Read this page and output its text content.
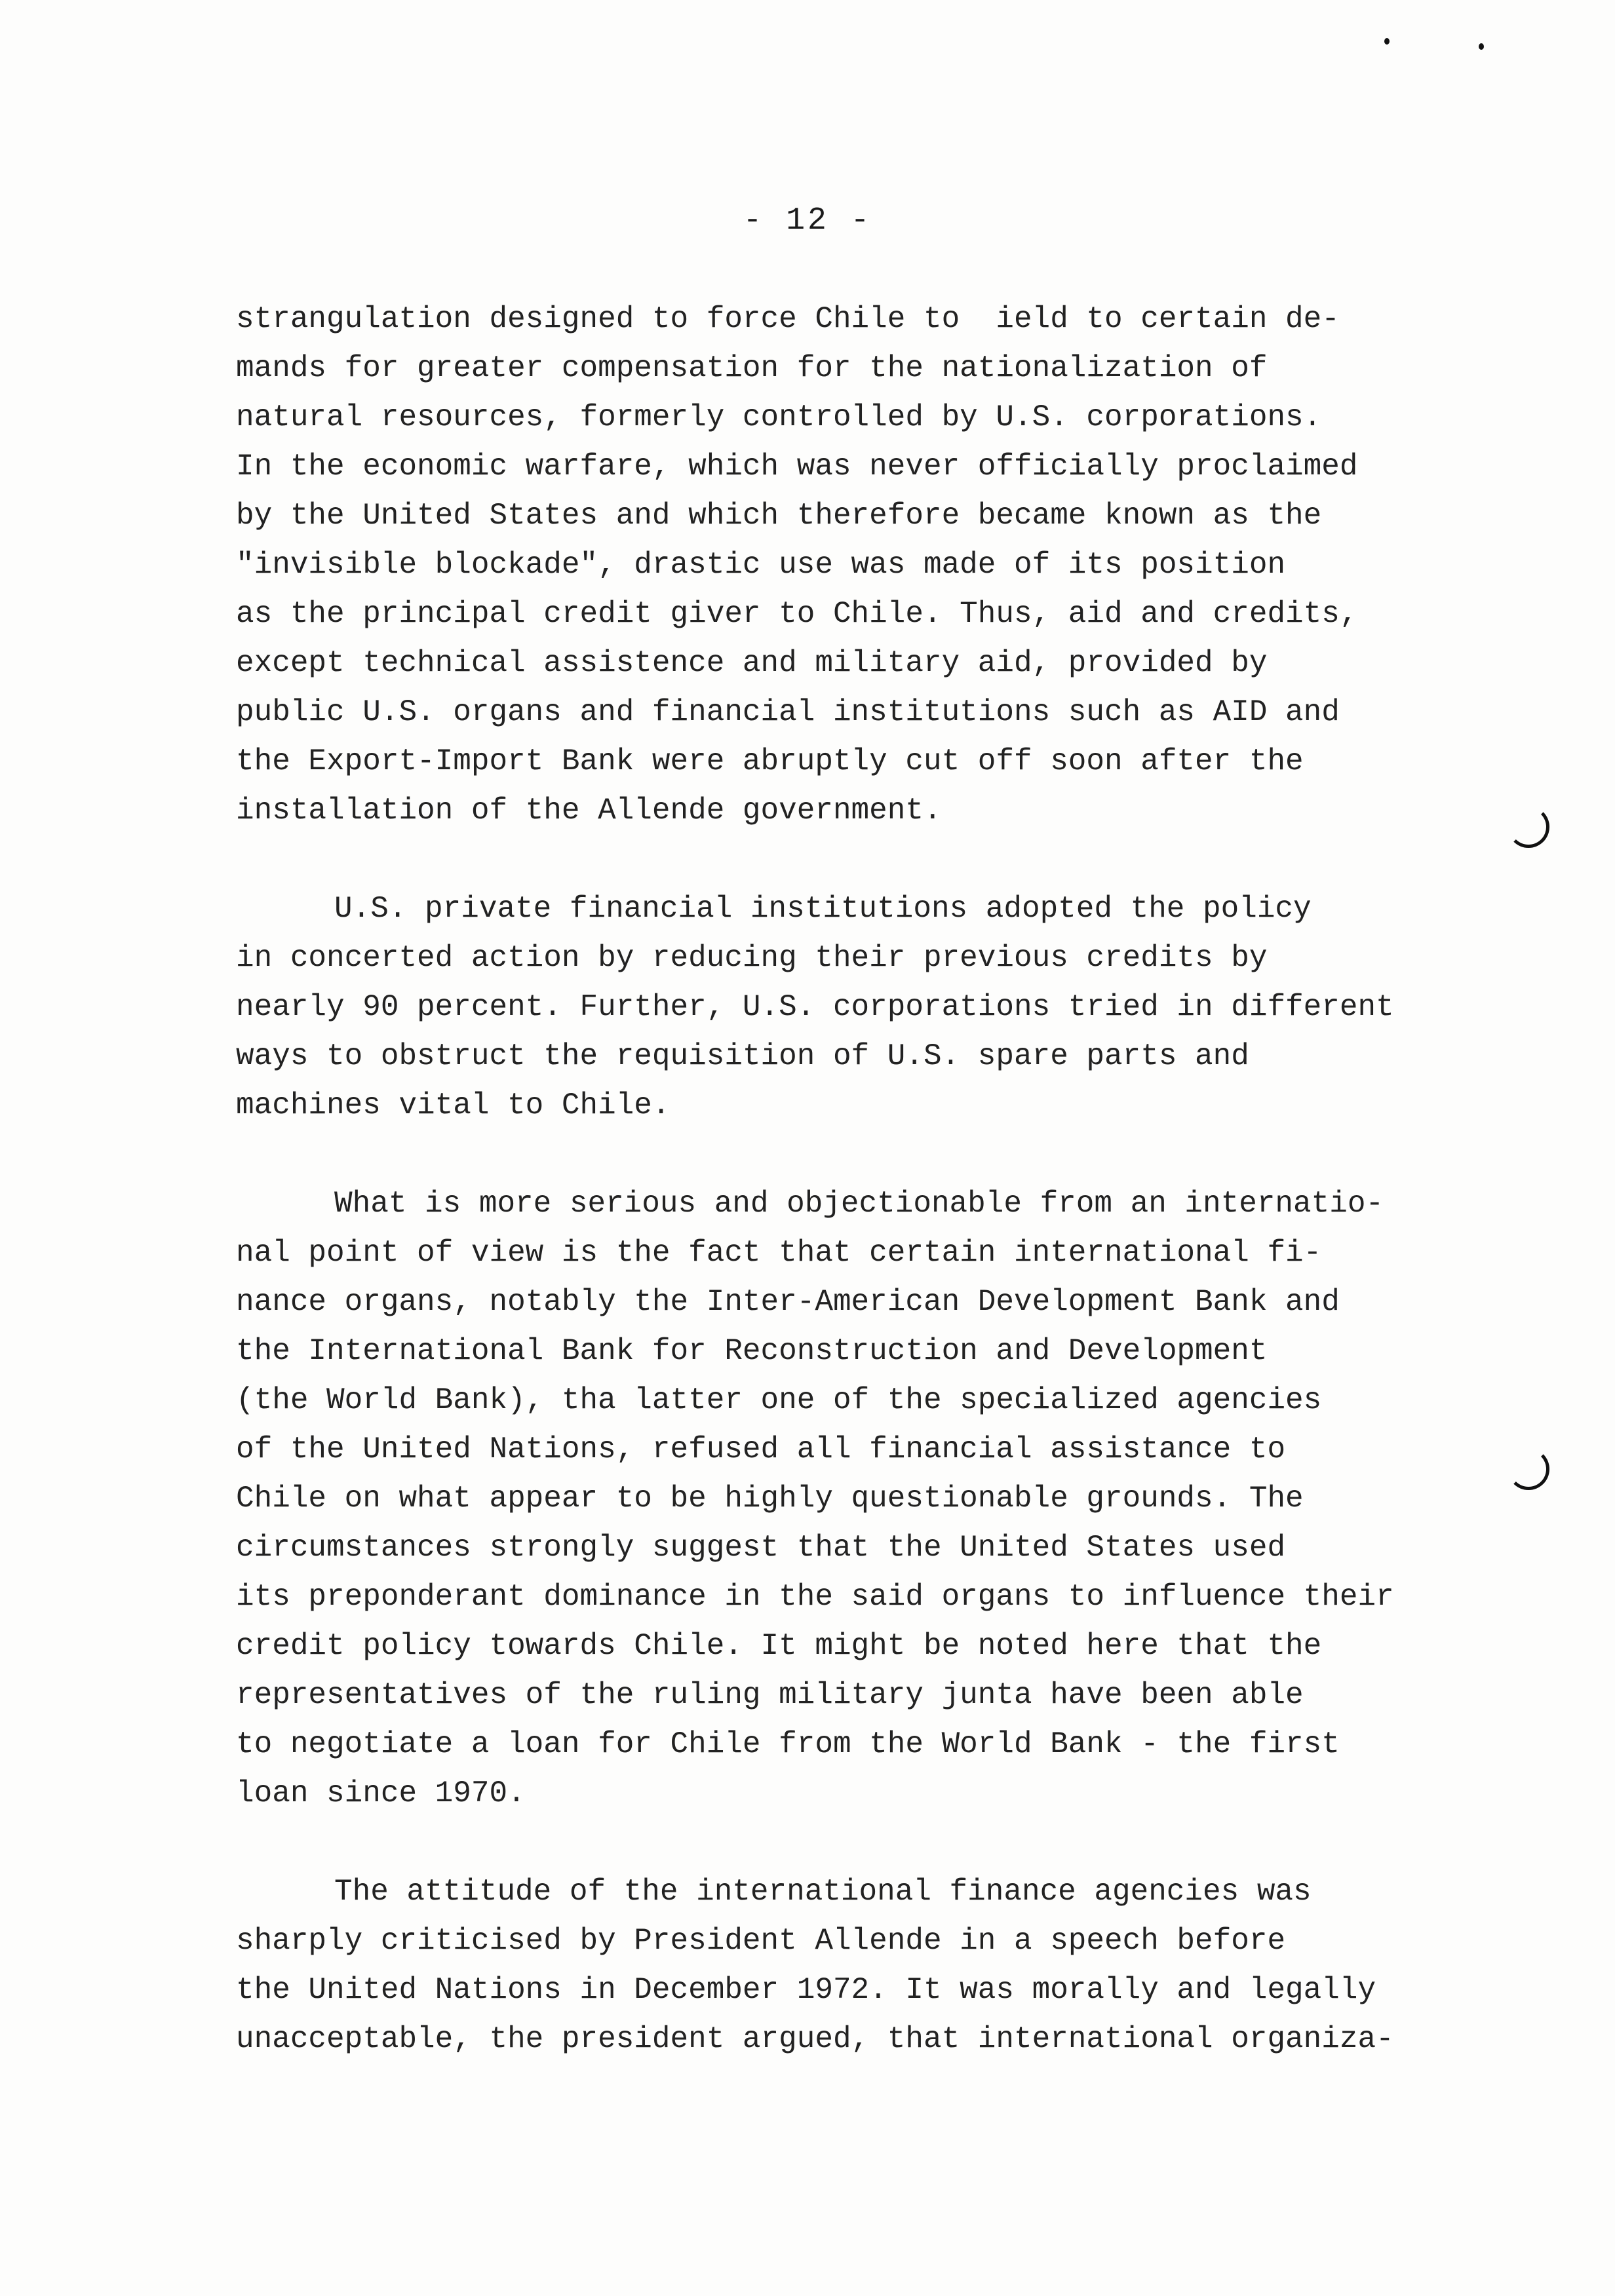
- 12 -
strangulation designed to force Chile to  ield to certain de-
mands for greater compensation for the nationalization of
natural resources, formerly controlled by U.S. corporations.
In the economic warfare, which was never officially proclaimed
by the United States and which therefore became known as the
"invisible blockade", drastic use was made of its position
as the principal credit giver to Chile. Thus, aid and credits,
except technical assistence and military aid, provided by
public U.S. organs and financial institutions such as AID and
the Export-Import Bank were abruptly cut off soon after the
installation of the Allende government.
U.S. private financial institutions adopted the policy
in concerted action by reducing their previous credits by
nearly 90 percent. Further, U.S. corporations tried in different
ways to obstruct the requisition of U.S. spare parts and
machines vital to Chile.
What is more serious and objectionable from an internatio-
nal point of view is the fact that certain international fi-
nance organs, notably the Inter-American Development Bank and
the International Bank for Reconstruction and Development
(the World Bank), tha latter one of the specialized agencies
of the United Nations, refused all financial assistance to
Chile on what appear to be highly questionable grounds. The
circumstances strongly suggest that the United States used
its preponderant dominance in the said organs to influence their
credit policy towards Chile. It might be noted here that the
representatives of the ruling military junta have been able
to negotiate a loan for Chile from the World Bank - the first
loan since 1970.
The attitude of the international finance agencies was
sharply criticised by President Allende in a speech before
the United Nations in December 1972. It was morally and legally
unacceptable, the president argued, that international organiza-
